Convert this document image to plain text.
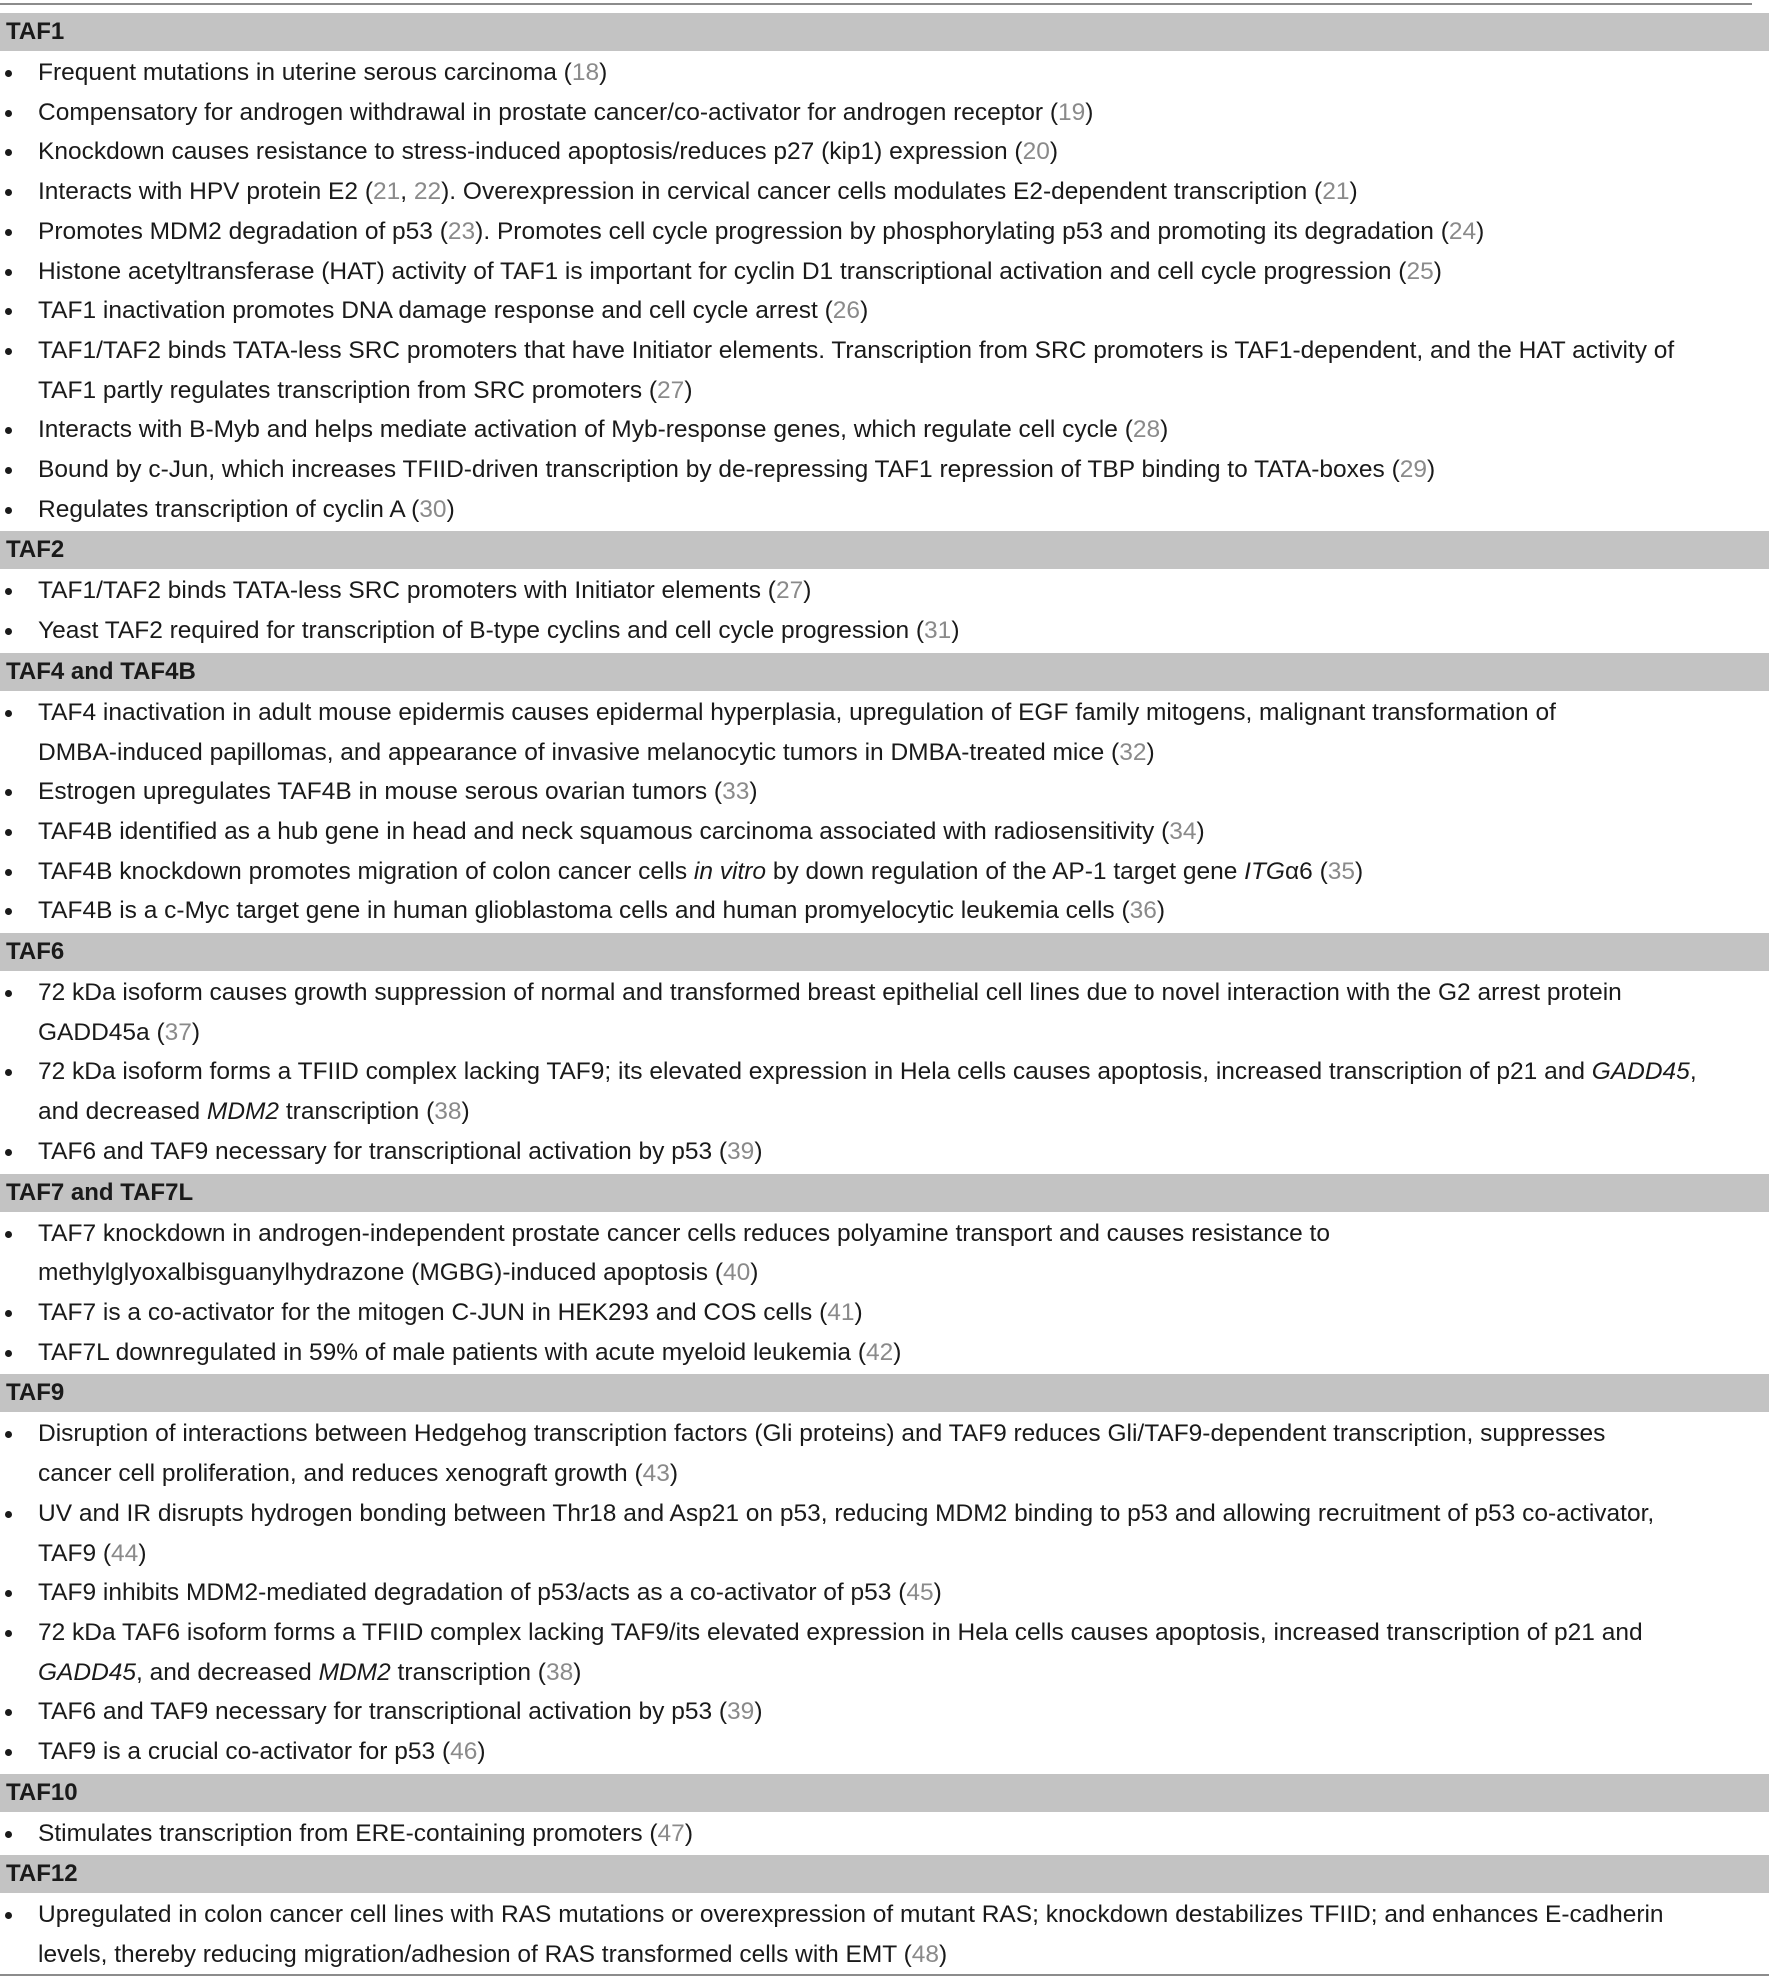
TAF1
Frequent mutations in uterine serous carcinoma (18)
Compensatory for androgen withdrawal in prostate cancer/co-activator for androgen receptor (19)
Knockdown causes resistance to stress-induced apoptosis/reduces p27 (kip1) expression (20)
Interacts with HPV protein E2 (21, 22). Overexpression in cervical cancer cells modulates E2-dependent transcription (21)
Promotes MDM2 degradation of p53 (23). Promotes cell cycle progression by phosphorylating p53 and promoting its degradation (24)
Histone acetyltransferase (HAT) activity of TAF1 is important for cyclin D1 transcriptional activation and cell cycle progression (25)
TAF1 inactivation promotes DNA damage response and cell cycle arrest (26)
TAF1/TAF2 binds TATA-less SRC promoters that have Initiator elements. Transcription from SRC promoters is TAF1-dependent, and the HAT activity of
TAF1 partly regulates transcription from SRC promoters (27)
Interacts with B-Myb and helps mediate activation of Myb-response genes, which regulate cell cycle (28)
Bound by c-Jun, which increases TFIID-driven transcription by de-repressing TAF1 repression of TBP binding to TATA-boxes (29)
Regulates transcription of cyclin A (30)
TAF2
TAF1/TAF2 binds TATA-less SRC promoters with Initiator elements (27)
Yeast TAF2 required for transcription of B-type cyclins and cell cycle progression (31)
TAF4 and TAF4B
TAF4 inactivation in adult mouse epidermis causes epidermal hyperplasia, upregulation of EGF family mitogens, malignant transformation of
DMBA-induced papillomas, and appearance of invasive melanocytic tumors in DMBA-treated mice (32)
Estrogen upregulates TAF4B in mouse serous ovarian tumors (33)
TAF4B identified as a hub gene in head and neck squamous carcinoma associated with radiosensitivity (34)
TAF4B knockdown promotes migration of colon cancer cells in vitro by down regulation of the AP-1 target gene ITGα6 (35)
TAF4B is a c-Myc target gene in human glioblastoma cells and human promyelocytic leukemia cells (36)
TAF6
72 kDa isoform causes growth suppression of normal and transformed breast epithelial cell lines due to novel interaction with the G2 arrest protein
GADD45a (37)
72 kDa isoform forms a TFIID complex lacking TAF9; its elevated expression in Hela cells causes apoptosis, increased transcription of p21 and GADD45,
and decreased MDM2 transcription (38)
TAF6 and TAF9 necessary for transcriptional activation by p53 (39)
TAF7 and TAF7L
TAF7 knockdown in androgen-independent prostate cancer cells reduces polyamine transport and causes resistance to
methylglyoxalbisguanylhydrazone (MGBG)-induced apoptosis (40)
TAF7 is a co-activator for the mitogen C-JUN in HEK293 and COS cells (41)
TAF7L downregulated in 59% of male patients with acute myeloid leukemia (42)
TAF9
Disruption of interactions between Hedgehog transcription factors (Gli proteins) and TAF9 reduces Gli/TAF9-dependent transcription, suppresses
cancer cell proliferation, and reduces xenograft growth (43)
UV and IR disrupts hydrogen bonding between Thr18 and Asp21 on p53, reducing MDM2 binding to p53 and allowing recruitment of p53 co-activator,
TAF9 (44)
TAF9 inhibits MDM2-mediated degradation of p53/acts as a co-activator of p53 (45)
72 kDa TAF6 isoform forms a TFIID complex lacking TAF9/its elevated expression in Hela cells causes apoptosis, increased transcription of p21 and
GADD45, and decreased MDM2 transcription (38)
TAF6 and TAF9 necessary for transcriptional activation by p53 (39)
TAF9 is a crucial co-activator for p53 (46)
TAF10
Stimulates transcription from ERE-containing promoters (47)
TAF12
Upregulated in colon cancer cell lines with RAS mutations or overexpression of mutant RAS; knockdown destabilizes TFIID; and enhances E-cadherin
levels, thereby reducing migration/adhesion of RAS transformed cells with EMT (48)
